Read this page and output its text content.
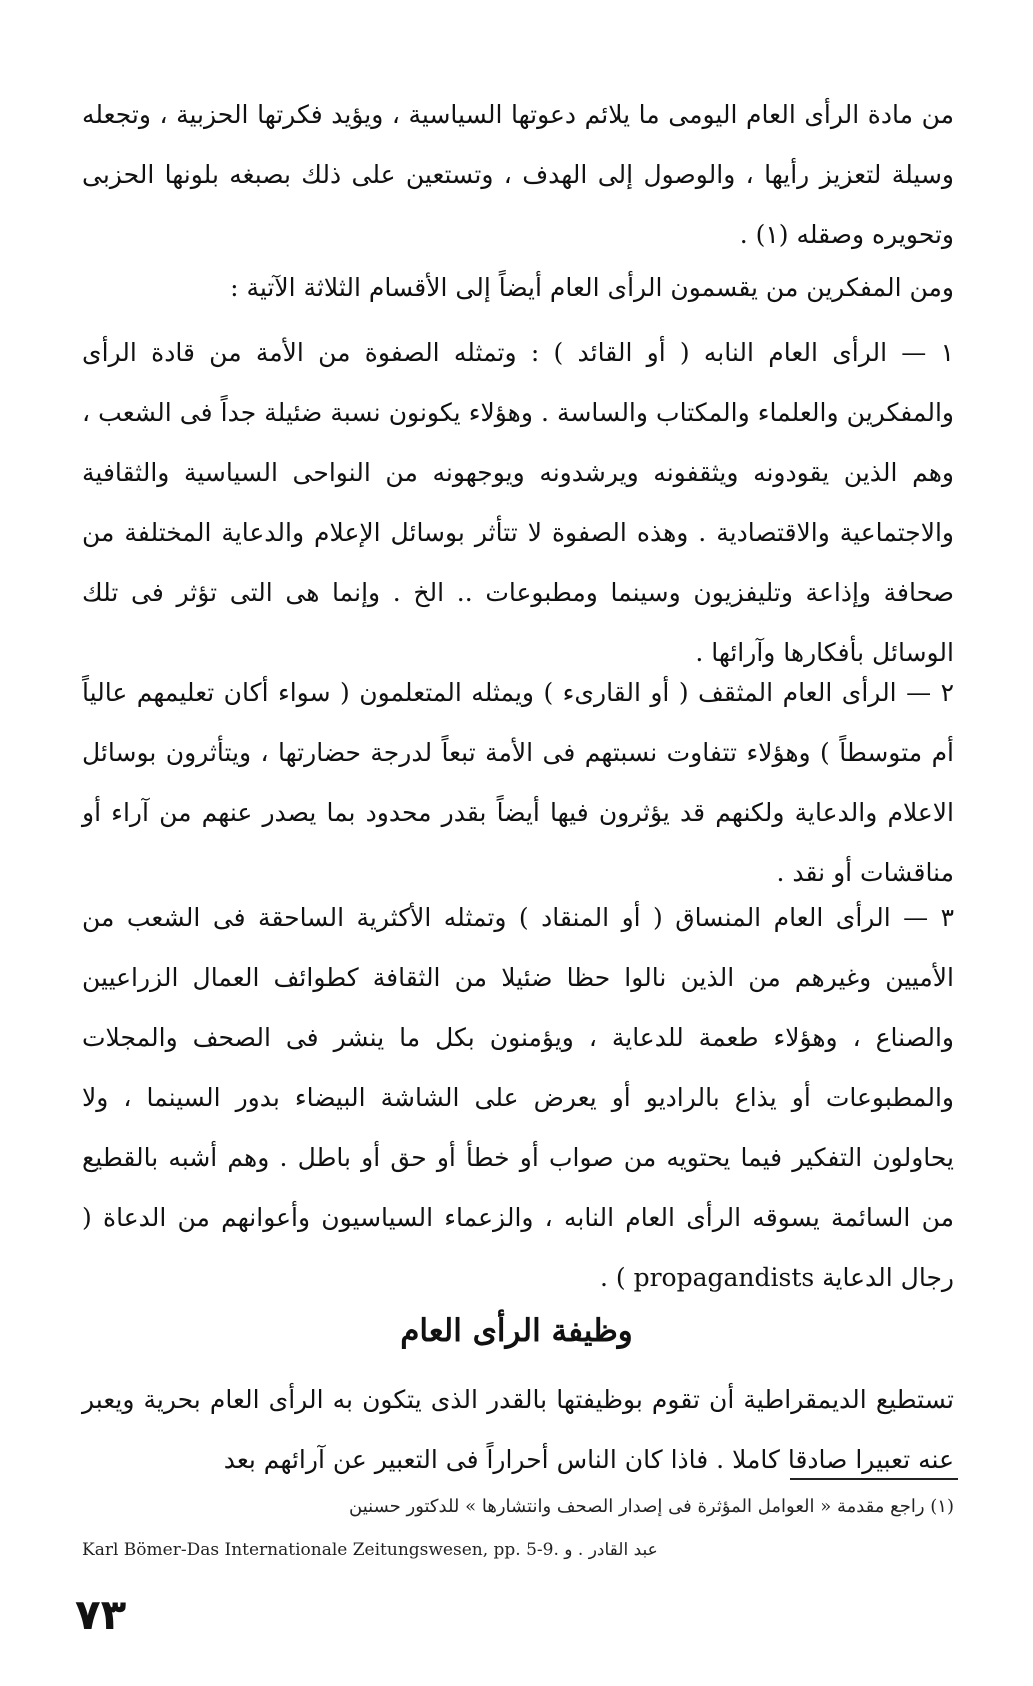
من مادة الرأى العام اليومى ما يلائم دعوتها السياسية ، ويؤيد فكرتها الحزبية ، وتجعله وسيلة لتعزيز رأيها ، والوصول إلى الهدف ، وتستعين على ذلك بصبغه بلونها الحزبى وتحويره وصقله (١) .

ومن المفكرين من يقسمون الرأى العام أيضاً إلى الأقسام الثلاثة الآتية :

١ — الرأى العام النابه ( أو القائد ) : وتمثله الصفوة من الأمة من قادة الرأى والمفكرين والعلماء والمكتاب والساسة . وهؤلاء يكونون نسبة ضئيلة جداً فى الشعب ، وهم الذين يقودونه ويثقفونه ويرشدونه ويوجهونه من النواحى السياسية والثقافية والاجتماعية والاقتصادية . وهذه الصفوة لا تتأثر بوسائل الإعلام والدعاية المختلفة من صحافة وإذاعة وتليفزيون وسينما ومطبوعات .. الخ . وإنما هى التى تؤثر فى تلك الوسائل بأفكارها وآرائها .

٢ — الرأى العام المثقف ( أو القارىء ) ويمثله المتعلمون ( سواء أكان تعليمهم عالياً أم متوسطاً ) وهؤلاء تتفاوت نسبتهم فى الأمة تبعاً لدرجة حضارتها ، ويتأثرون بوسائل الاعلام والدعاية ولكنهم قد يؤثرون فيها أيضاً بقدر محدود بما يصدر عنهم من آراء أو مناقشات أو نقد .

٣ — الرأى العام المنساق ( أو المنقاد ) وتمثله الأكثرية الساحقة فى الشعب من الأميين وغيرهم من الذين نالوا حظا ضئيلا من الثقافة كطوائف العمال الزراعيين والصناع ، وهؤلاء طعمة للدعاية ، ويؤمنون بكل ما ينشر فى الصحف والمجلات والمطبوعات أو يذاع بالراديو أو يعرض على الشاشة البيضاء بدور السينما ، ولا يحاولون التفكير فيما يحتويه من صواب أو خطأ أو حق أو باطل . وهم أشبه بالقطيع من السائمة يسوقه الرأى العام النابه ، والزعماء السياسيون وأعوانهم من الدعاة ( رجال الدعاية propagandists ) .

وظيفة الرأى العام

تستطيع الديمقراطية أن تقوم بوظيفتها بالقدر الذى يتكون به الرأى العام بحرية ويعبر عنه تعبيرا صادقا كاملا . فاذا كان الناس أحراراً فى التعبير عن آرائهم بعد

(١) راجع مقدمة « العوامل المؤثرة فى إصدار الصحف وانتشارها » للدكتور حسنين
Karl Bömer-Das Internationale Zeitungswesen, pp. 5-9. عبد القادر . و
٧٣
